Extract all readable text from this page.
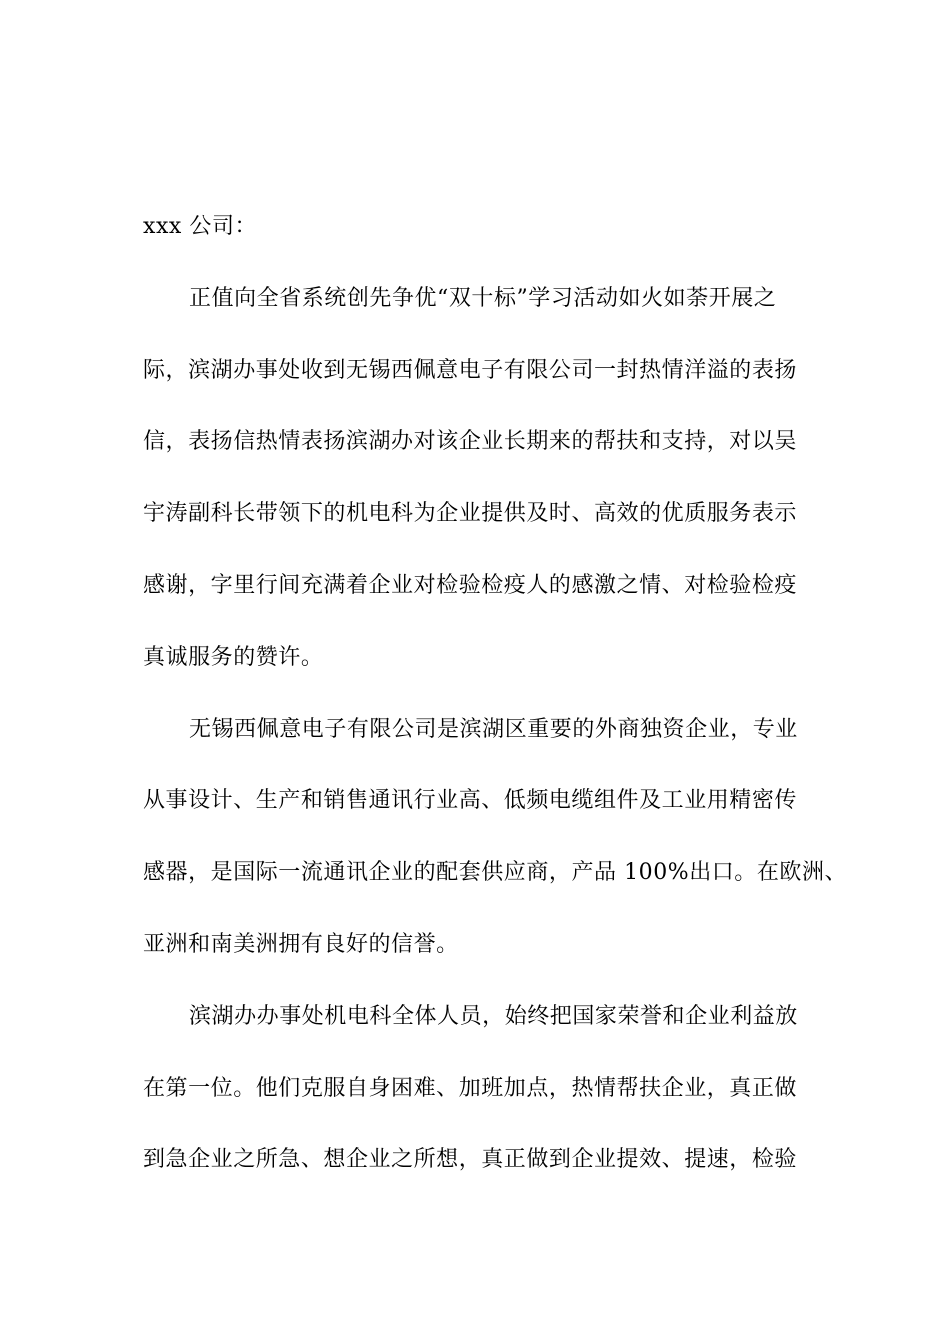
xxx 公司：
正值向全省系统创先争优“双十标”学习活动如火如荼开展之
际，滨湖办事处收到无锡西佩意电子有限公司一封热情洋溢的表扬
信，表扬信热情表扬滨湖办对该企业长期来的帮扶和支持，对以吴
宇涛副科长带领下的机电科为企业提供及时、高效的优质服务表示
感谢，字里行间充满着企业对检验检疫人的感激之情、对检验检疫
真诚服务的赞许。
无锡西佩意电子有限公司是滨湖区重要的外商独资企业，专业
从事设计、生产和销售通讯行业高、低频电缆组件及工业用精密传
感器，是国际一流通讯企业的配套供应商，产品 100%出口。在欧洲、
亚洲和南美洲拥有良好的信誉。
滨湖办办事处机电科全体人员，始终把国家荣誉和企业利益放
在第一位。他们克服自身困难、加班加点，热情帮扶企业，真正做
到急企业之所急、想企业之所想，真正做到企业提效、提速，检验
